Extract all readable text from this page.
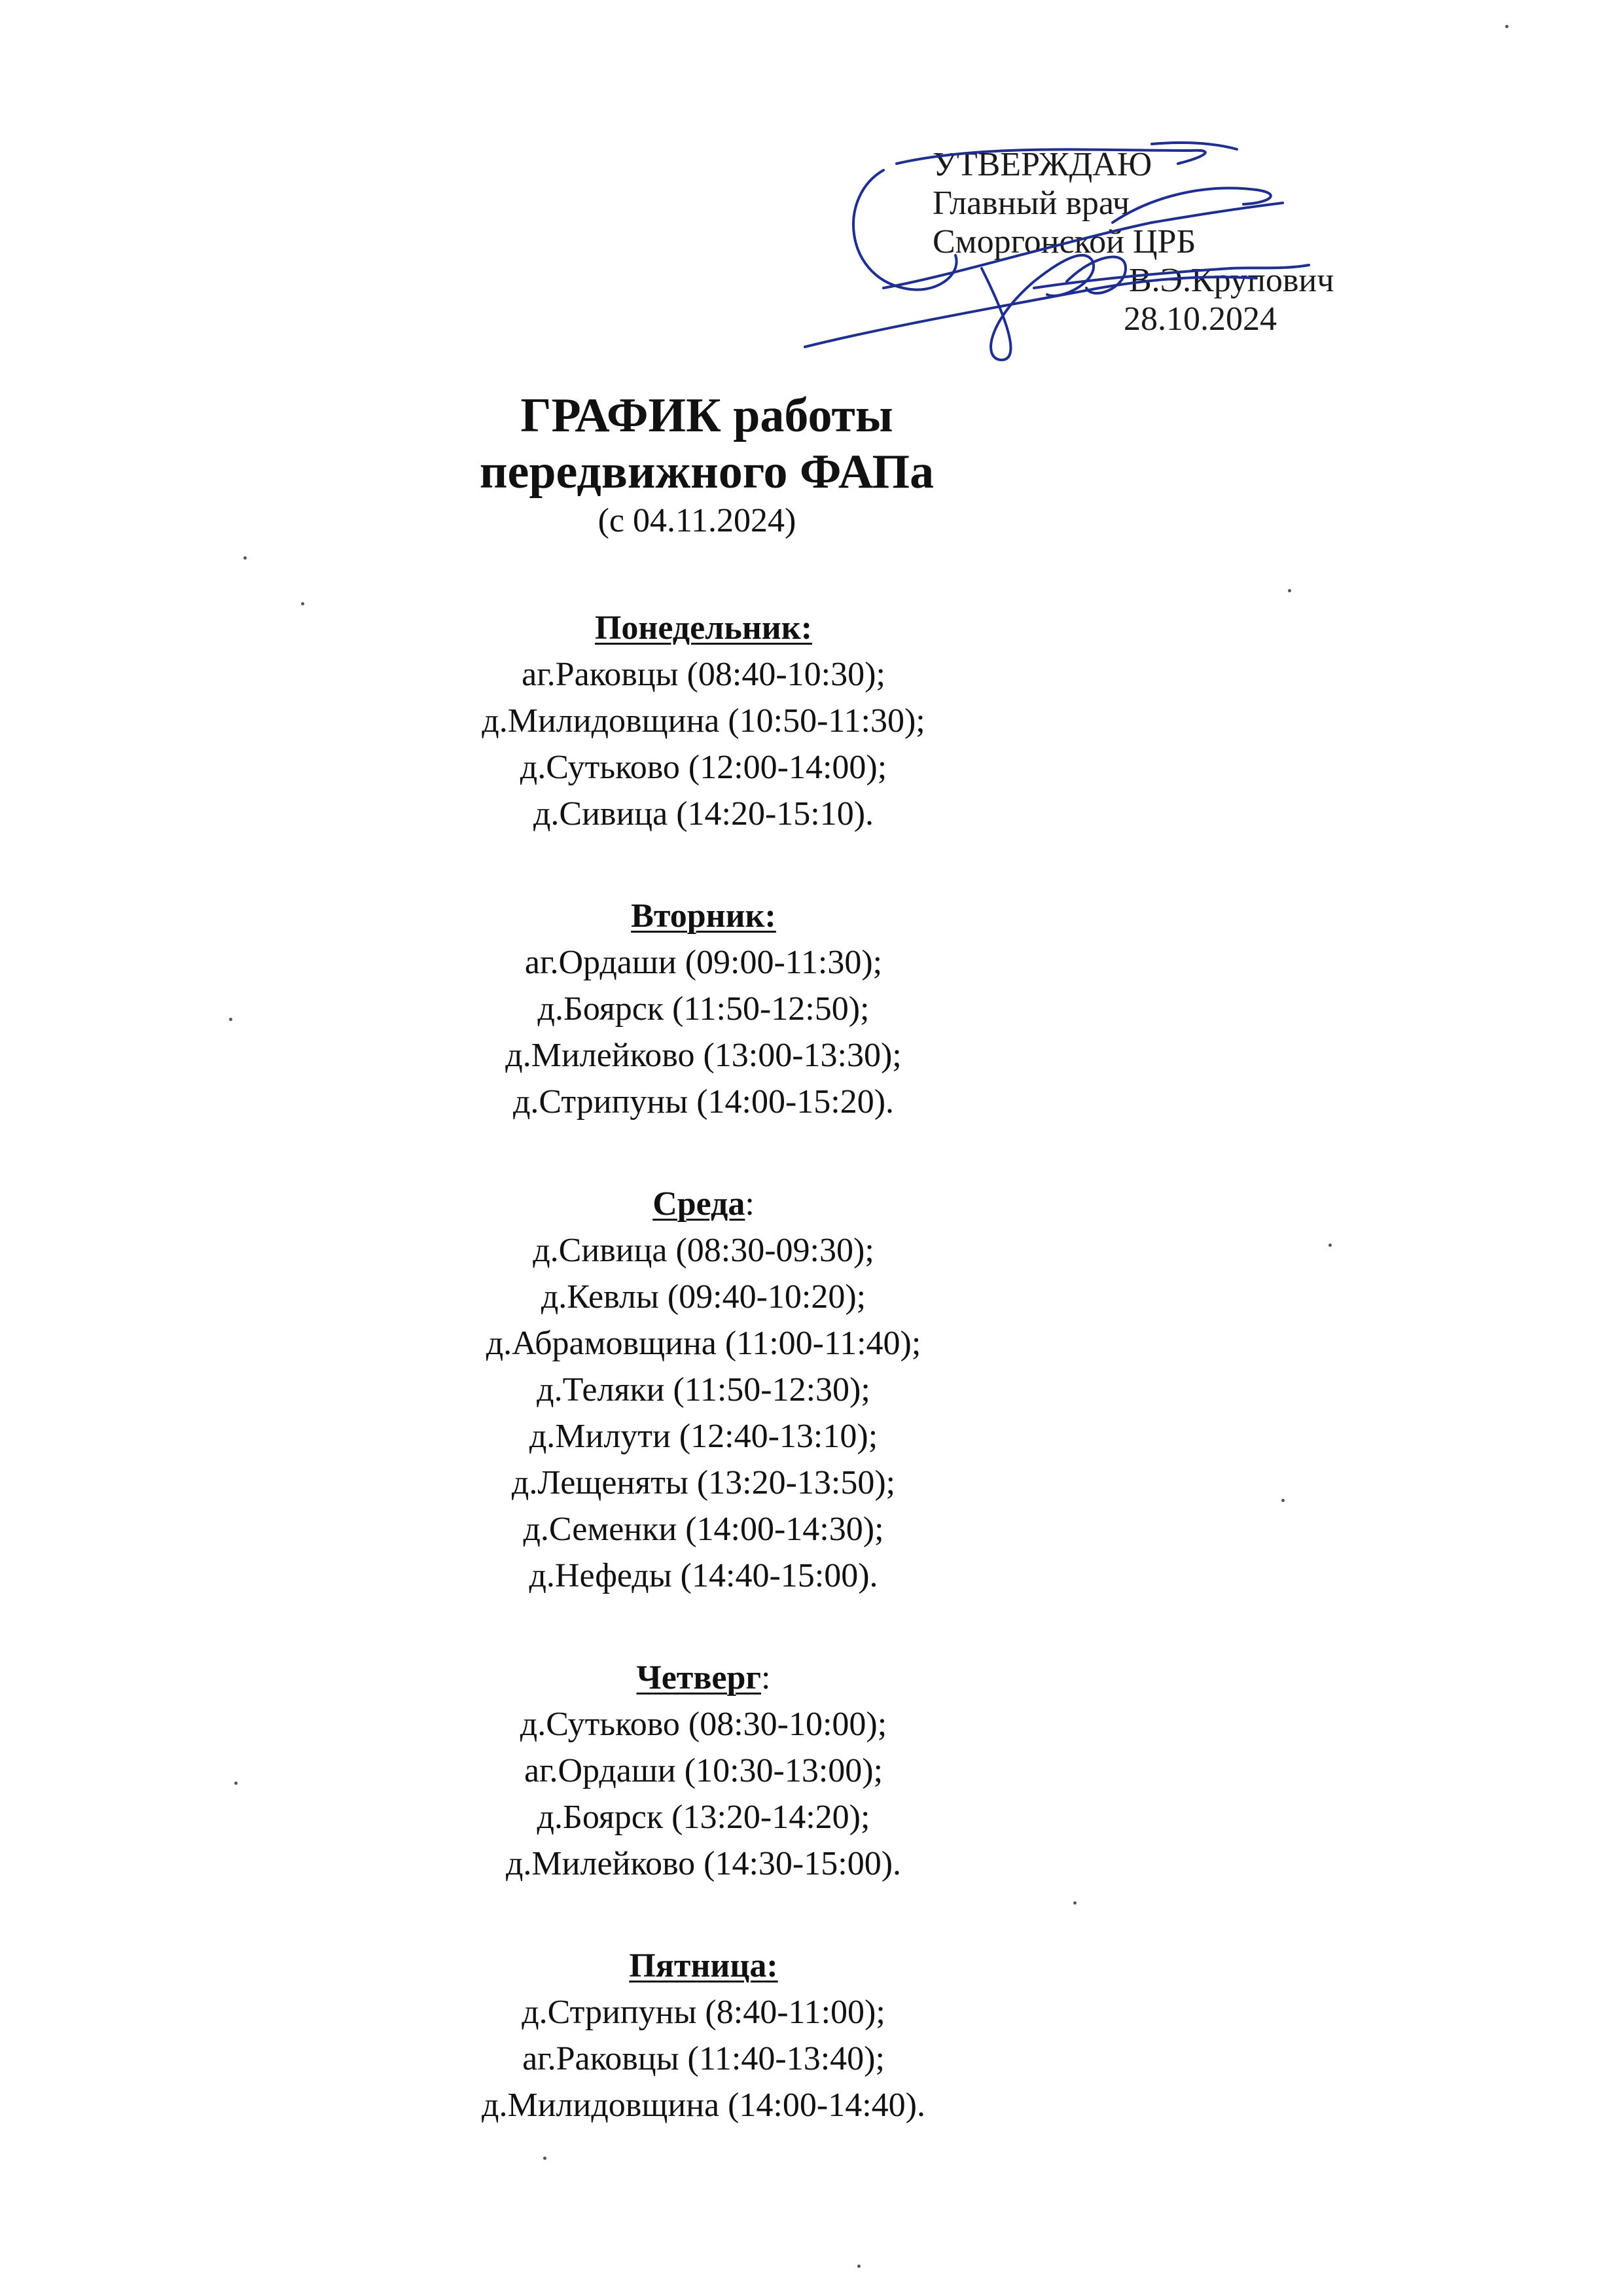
УТВЕРЖДАЮ
Главный врач
Сморгонской ЦРБ
В.Э.Крупович
28.10.2024
ГРАФИК работы
передвижного ФАПа
(с 04.11.2024)
Понедельник:
аг.Раковцы (08:40-10:30);
д.Милидовщина (10:50-11:30);
д.Сутьково (12:00-14:00);
д.Сивица (14:20-15:10).
Вторник:
аг.Ордаши (09:00-11:30);
д.Боярск (11:50-12:50);
д.Милейково (13:00-13:30);
д.Стрипуны (14:00-15:20).
Среда:
д.Сивица (08:30-09:30);
д.Кевлы (09:40-10:20);
д.Абрамовщина (11:00-11:40);
д.Теляки (11:50-12:30);
д.Милути (12:40-13:10);
д.Лещеняты (13:20-13:50);
д.Семенки (14:00-14:30);
д.Нефеды (14:40-15:00).
Четверг:
д.Сутьково (08:30-10:00);
аг.Ордаши (10:30-13:00);
д.Боярск (13:20-14:20);
д.Милейково (14:30-15:00).
Пятница:
д.Стрипуны (8:40-11:00);
аг.Раковцы (11:40-13:40);
д.Милидовщина (14:00-14:40).
